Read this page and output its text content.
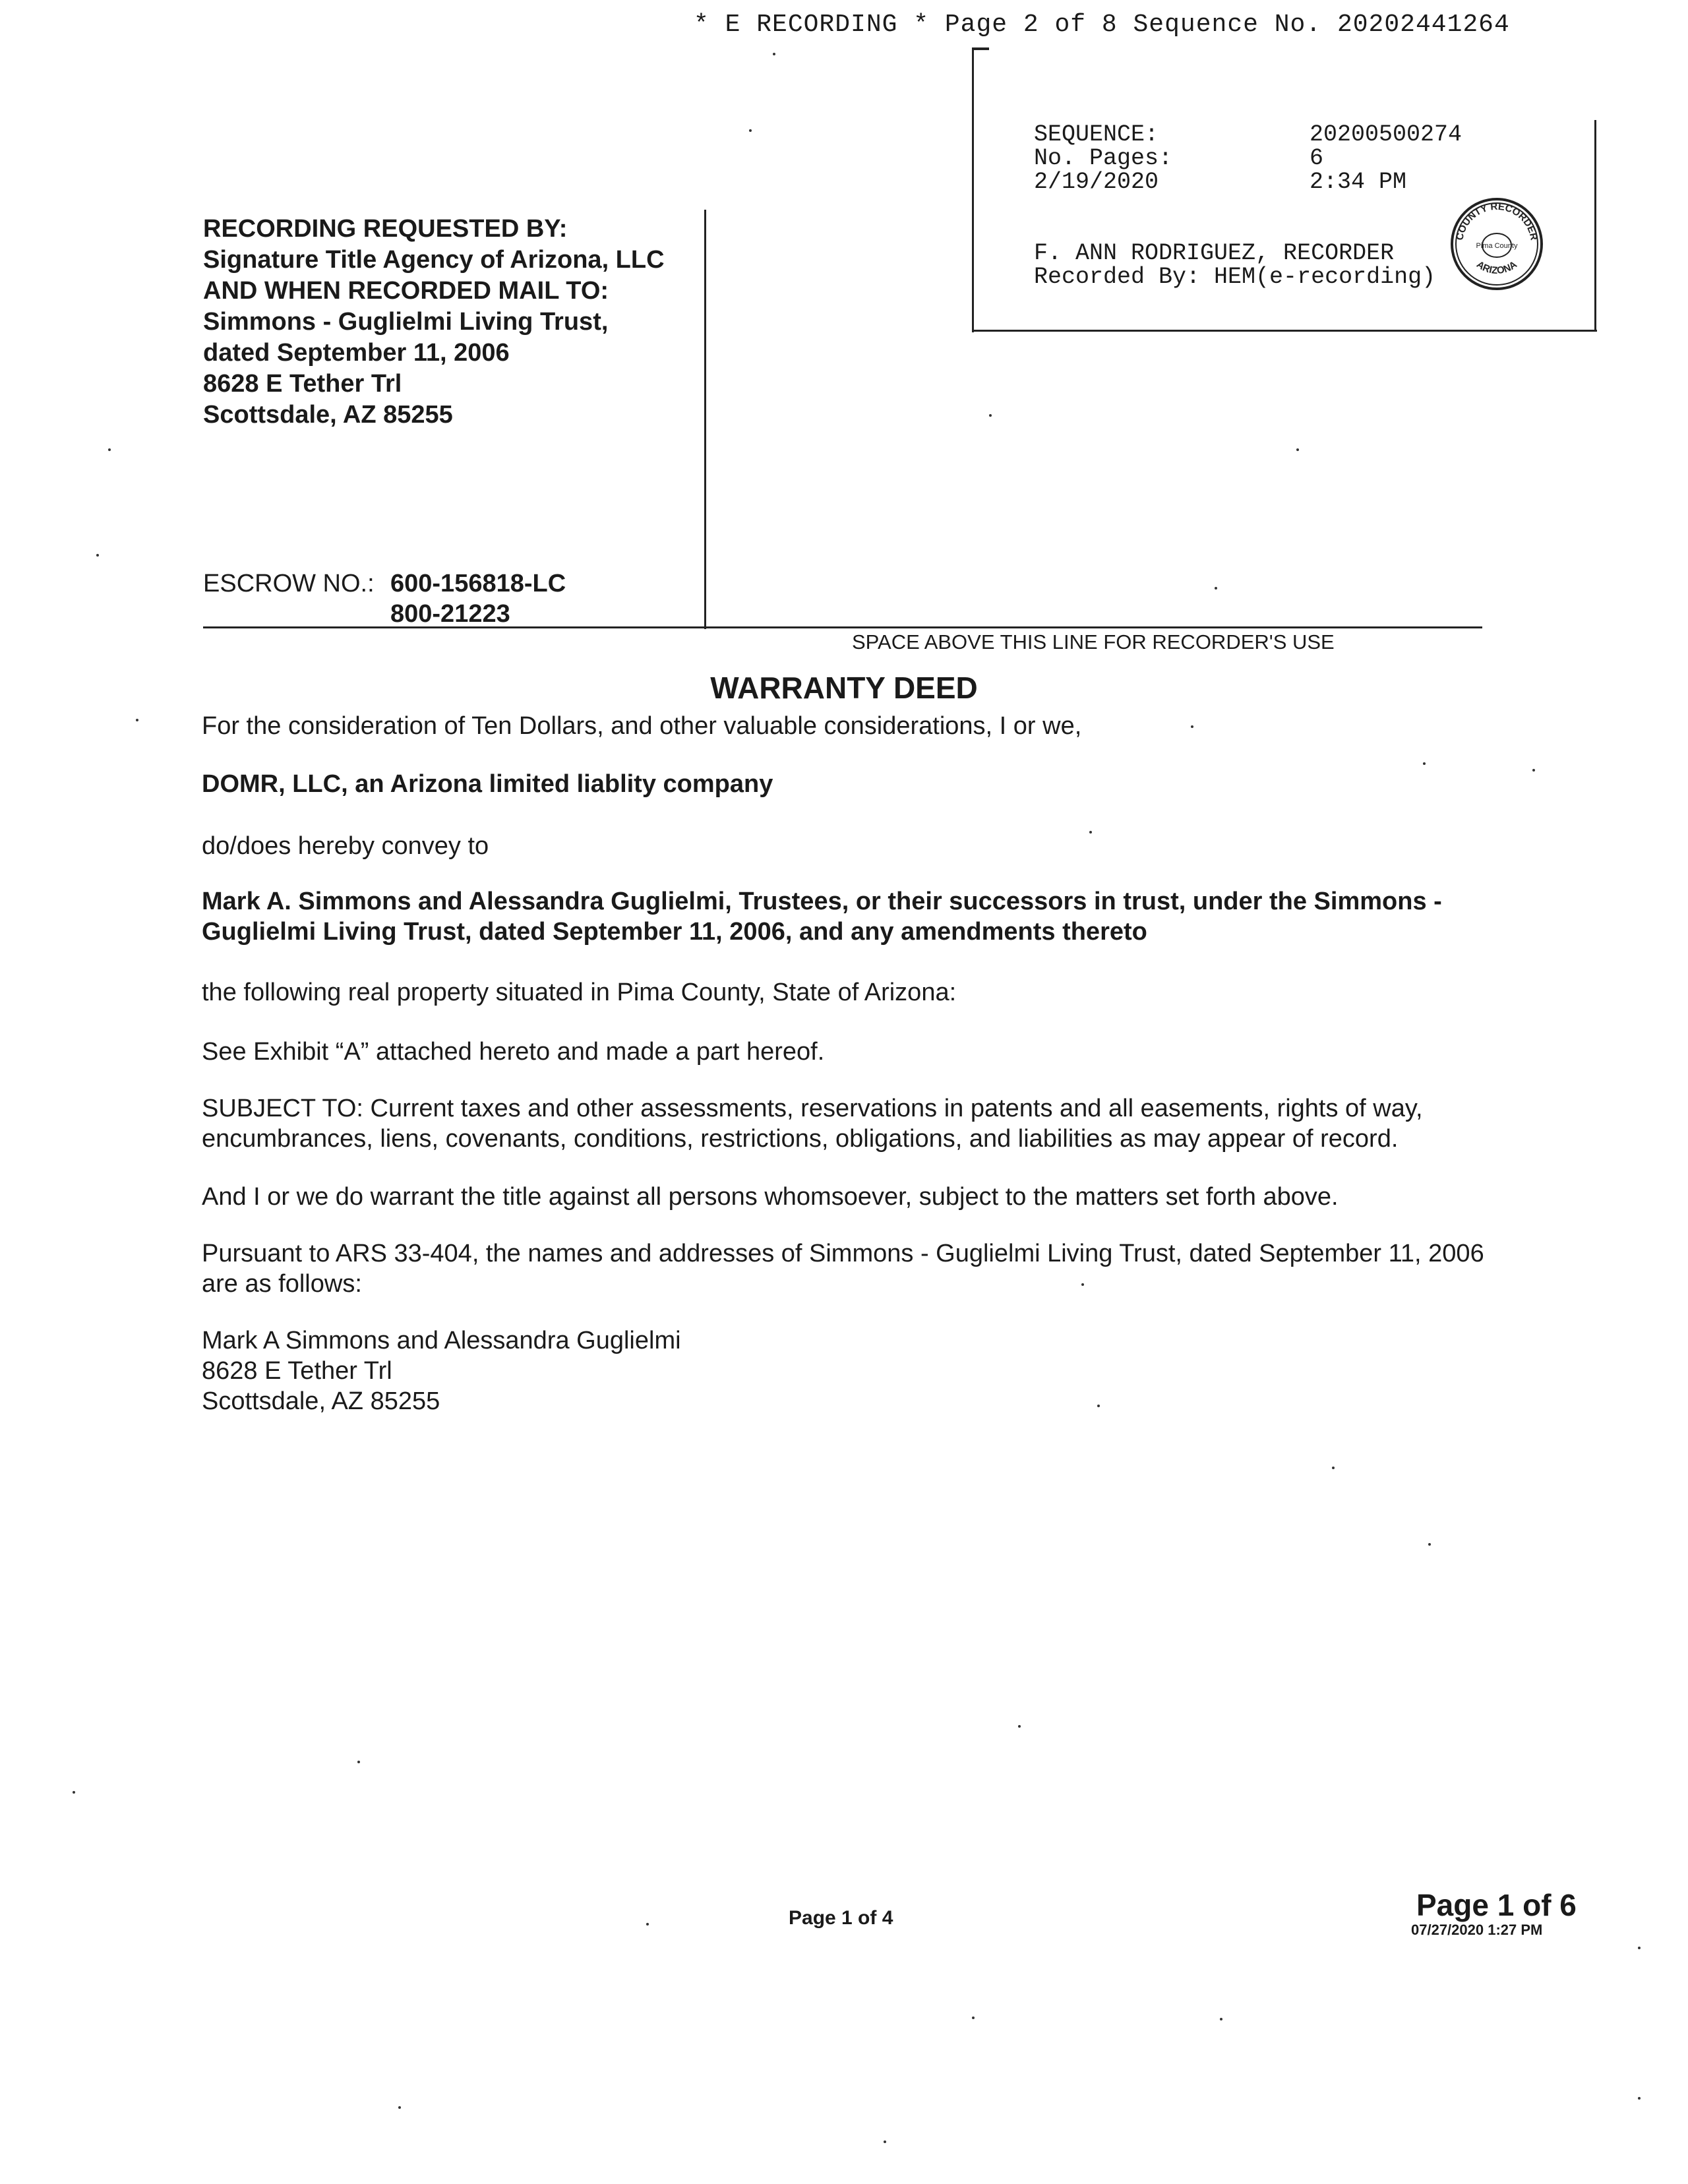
* E RECORDING * Page 2 of 8 Sequence No. 20202441264
SEQUENCE:	20200500274
No. Pages:	6
2/19/2020	2:34 PM
F. ANN RODRIGUEZ, RECORDER
Recorded By: HEM(e-recording)
COUNTY RECORDER
Pima County
ARIZONA
RECORDING REQUESTED BY:
Signature Title Agency of Arizona, LLC
AND WHEN RECORDED MAIL TO:
Simmons - Guglielmi Living Trust,
dated September 11, 2006
8628 E Tether Trl
Scottsdale, AZ 85255
ESCROW NO.: 600-156818-LC
800-21223
SPACE ABOVE THIS LINE FOR RECORDER'S USE
WARRANTY DEED
For the consideration of Ten Dollars, and other valuable considerations, I or we,
DOMR, LLC, an Arizona limited liablity company
do/does hereby convey to
Mark A. Simmons and Alessandra Guglielmi, Trustees, or their successors in trust, under the Simmons - Guglielmi Living Trust, dated September 11, 2006, and any amendments thereto
the following real property situated in Pima County, State of Arizona:
See Exhibit “A” attached hereto and made a part hereof.
SUBJECT TO: Current taxes and other assessments, reservations in patents and all easements, rights of way, encumbrances, liens, covenants, conditions, restrictions, obligations, and liabilities as may appear of record.
And I or we do warrant the title against all persons whomsoever, subject to the matters set forth above.
Pursuant to ARS 33-404, the names and addresses of Simmons - Guglielmi Living Trust, dated September 11, 2006 are as follows:
Mark A Simmons and Alessandra Guglielmi
8628 E Tether Trl
Scottsdale, AZ 85255
Page 1 of 4	Page 1 of 6
07/27/2020 1:27 PM
